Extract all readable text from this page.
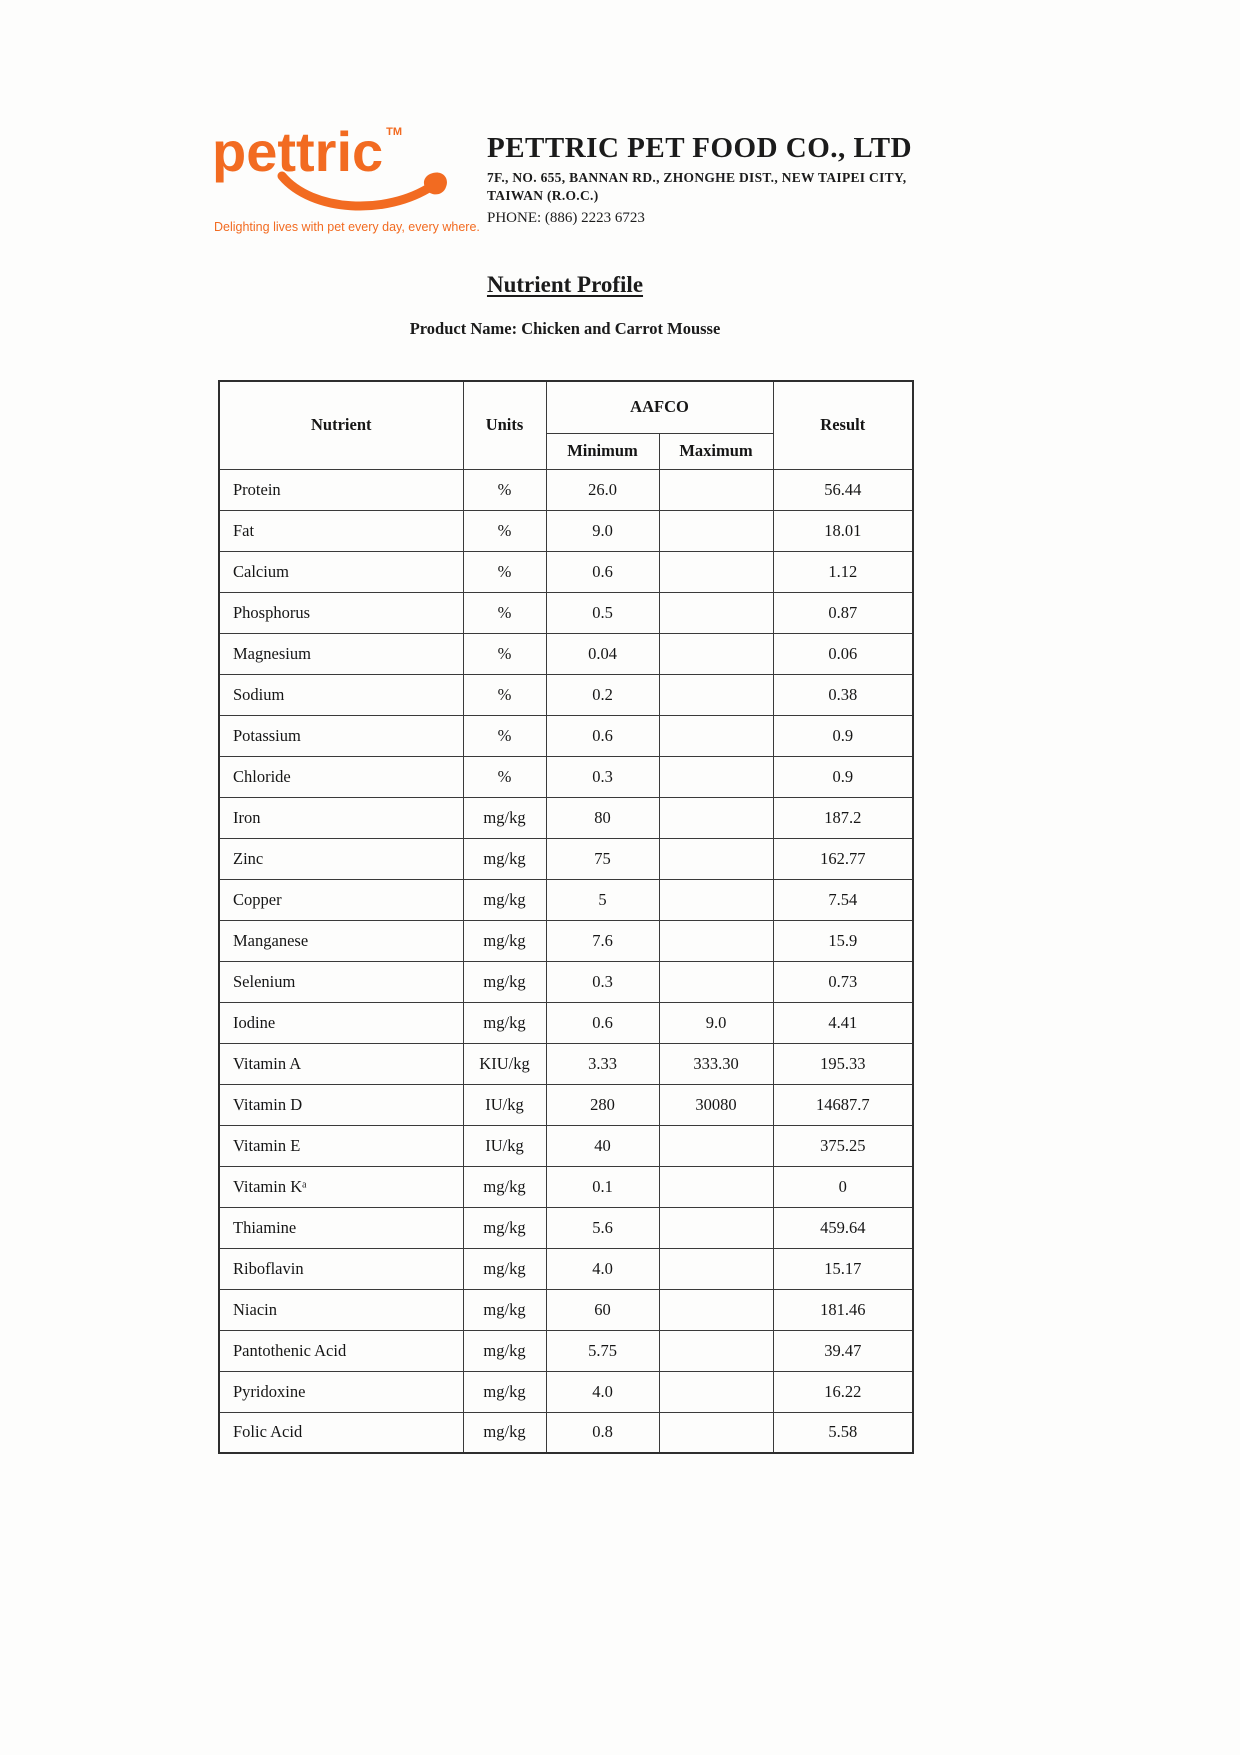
pettric ™
Delighting lives with pet every day, every where.
PETTRIC PET FOOD CO., LTD
7F., NO. 655, BANNAN RD., ZHONGHE DIST., NEW TAIPEI CITY,
TAIWAN (R.O.C.)
PHONE: (886) 2223 6723
Nutrient Profile
Product Name: Chicken and Carrot Mousse
Nutrient	Units	AAFCO		Result
		Minimum	Maximum	
Protein	%	26.0		56.44
Fat	%	9.0		18.01
Calcium	%	0.6		1.12
Phosphorus	%	0.5		0.87
Magnesium	%	0.04		0.06
Sodium	%	0.2		0.38
Potassium	%	0.6		0.9
Chloride	%	0.3		0.9
Iron	mg/kg	80		187.2
Zinc	mg/kg	75		162.77
Copper	mg/kg	5		7.54
Manganese	mg/kg	7.6		15.9
Selenium	mg/kg	0.3		0.73
Iodine	mg/kg	0.6	9.0	4.41
Vitamin A	KIU/kg	3.33	333.30	195.33
Vitamin D	IU/kg	280	30080	14687.7
Vitamin E	IU/kg	40		375.25
Vitamin Kᵃ	mg/kg	0.1		0
Thiamine	mg/kg	5.6		459.64
Riboflavin	mg/kg	4.0		15.17
Niacin	mg/kg	60		181.46
Pantothenic Acid	mg/kg	5.75		39.47
Pyridoxine	mg/kg	4.0		16.22
Folic Acid	mg/kg	0.8		5.58
